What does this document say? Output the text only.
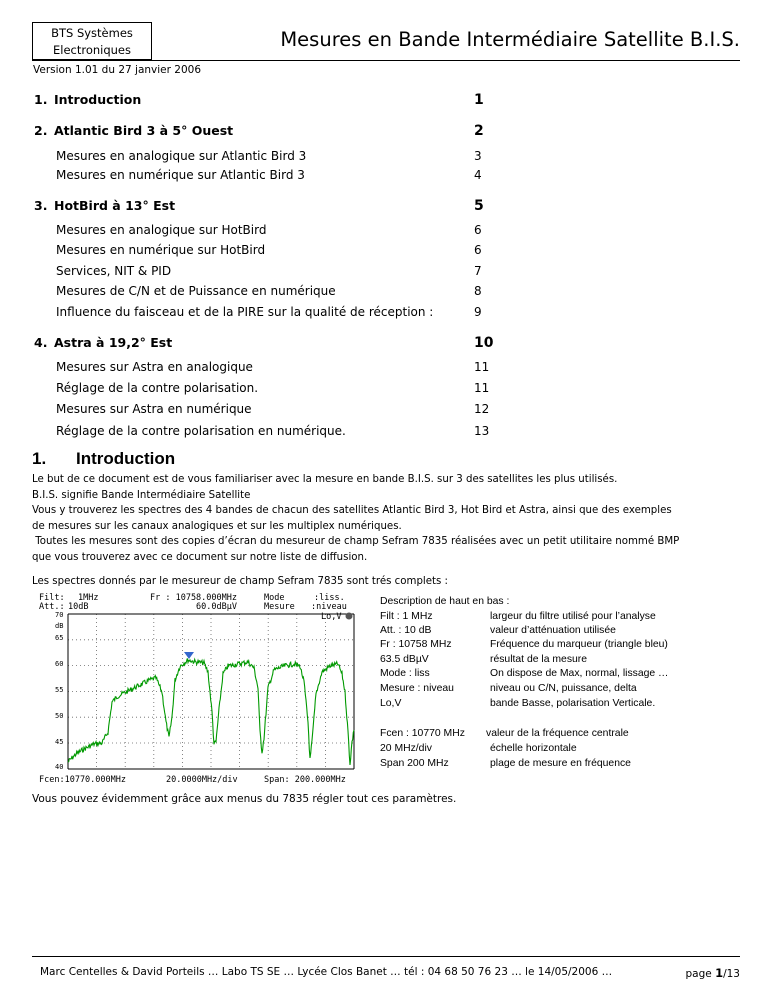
BTS Systèmes
Electroniques	Mesures en Bande Intermédiaire Satellite B.I.S.
Version 1.01 du 27 janvier 2006
1. Introduction	1
2. Atlantic Bird 3 à 5° Ouest	2
Mesures en analogique sur Atlantic Bird 3	3
Mesures en numérique sur Atlantic Bird 3	4
3. HotBird à 13° Est	5
Mesures en analogique sur HotBird	6
Mesures en numérique sur HotBird	6
Services, NIT & PID	7
Mesures de C/N et de Puissance en numérique	8
Influence du faisceau et de la PIRE sur la qualité de réception :	9
4. Astra à 19,2° Est	10
Mesures sur Astra en analogique	11
Réglage de la contre polarisation.	11
Mesures sur Astra en numérique	12
Réglage de la contre polarisation en numérique.	13
1. Introduction
Le but de ce document est de vous familiariser avec la mesure en bande B.I.S. sur 3 des satellites les plus utilisés.
B.I.S. signifie Bande Intermédiaire Satellite
Vous y trouverez les spectres des 4 bandes de chacun des satellites Atlantic Bird 3, Hot Bird et Astra, ainsi que des exemples
de mesures sur les canaux analogiques et sur les multiplex numériques.
Toutes les mesures sont des copies d’écran du mesureur de champ Sefram 7835 réalisées avec un petit utilitaire nommé BMP
que vous trouverez avec ce document sur notre liste de diffusion.
Les spectres donnés par le mesureur de champ Sefram 7835 sont trés complets :
Filt: 1MHz	Fr : 10758.000MHz	Mode	:liss.
Att.: 10dB	60.0dBµV	Mesure :niveau
Lo,V
70
dB
65
60
55
50
45
40
Fcen:10770.000MHz	20.0000MHz/div	Span: 200.000MHz
Description de haut en bas :
Filt : 1 MHz	largeur du filtre utilisé pour l’analyse
Att. : 10 dB	valeur d’atténuation utilisée
Fr : 10758 MHz	Fréquence du marqueur (triangle bleu)
63.5 dBµV	résultat de la mesure
Mode : liss	On dispose de Max, normal, lissage …
Mesure : niveau	niveau ou C/N, puissance, delta
Lo,V	bande Basse, polarisation Verticale.
Fcen : 10770 MHz valeur de la fréquence centrale
20 MHz/div	échelle horizontale
Span 200 MHz	plage de mesure en fréquence
Vous pouvez évidemment grâce aux menus du 7835 régler tout ces paramètres.
Marc Centelles & David Porteils … Labo TS SE … Lycée Clos Banet … tél : 04 68 50 76 23 … le 14/05/2006 …	page 1/13
